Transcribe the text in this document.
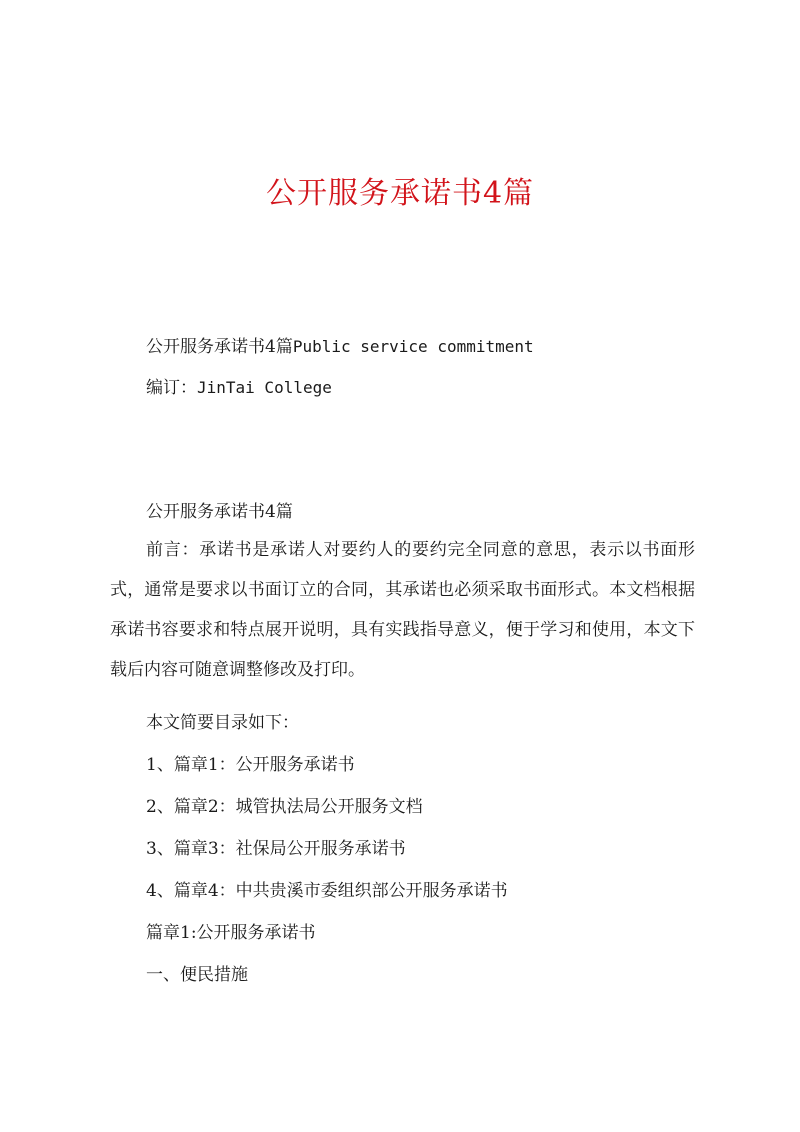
公开服务承诺书4篇
公开服务承诺书4篇Public service commitment
编订：JinTai College
公开服务承诺书4篇

前言：承诺书是承诺人对要约人的要约完全同意的意思，表示以书面形式，通常是要求以书面订立的合同，其承诺也必须采取书面形式。本文档根据承诺书容要求和特点展开说明，具有实践指导意义，便于学习和使用，本文下载后内容可随意调整修改及打印。

本文简要目录如下：
1、篇章1：公开服务承诺书
2、篇章2：城管执法局公开服务文档
3、篇章3：社保局公开服务承诺书
4、篇章4：中共贵溪市委组织部公开服务承诺书
篇章1:公开服务承诺书
一、便民措施
